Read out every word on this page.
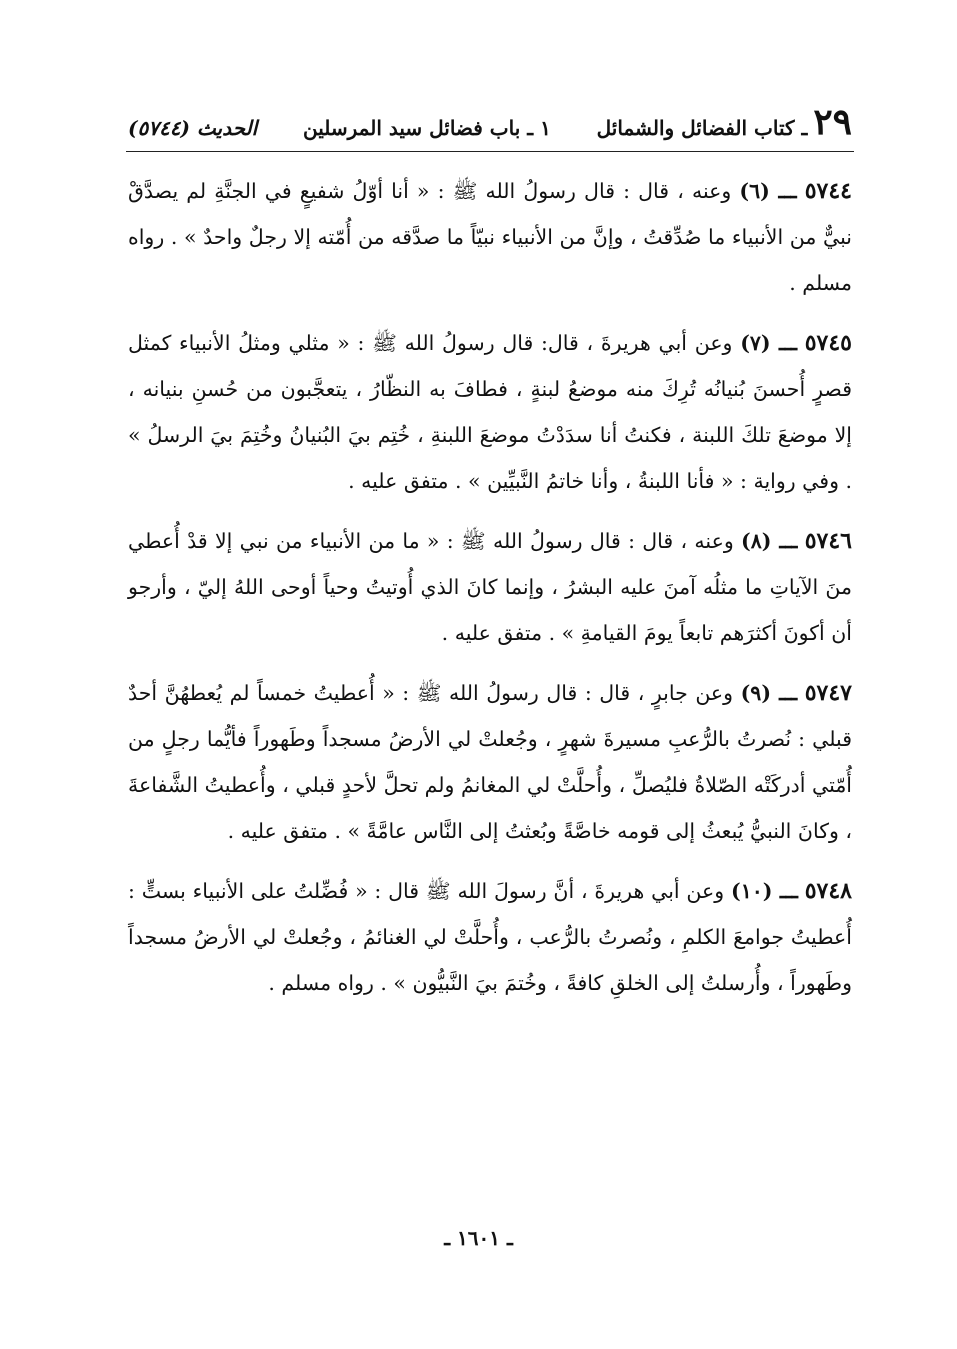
٢٩
ـ كتاب الفضائل والشمائل
١ ـ باب فضائل سيد المرسلين
الحديث (٥٧٤٤)

٥٧٤٤ ـــ (٦) وعنه ، قال : قال رسولُ الله ﷺ : « أنا أوّلُ شفيعٍ في الجنَّةِ لم يصدَّقْ نبيٌّ من الأنبياء ما صُدِّقتُ ، وإنَّ من الأنبياء نبيّاً ما صدَّقه من أُمّته إلا رجلٌ واحدٌ » . رواه مسلم .

٥٧٤٥ ـــ (٧) وعن أبي هريرةَ ، قال: قال رسولُ الله ﷺ : « مثلي ومثلُ الأنبياء كمثل قصرٍ أُحسنَ بُنيانُه تُرِكَ منه موضعُ لبنةٍ ، فطافَ به النظّارُ ، يتعجَّبون من حُسنِ بنيانه ، إلا موضعَ تلكَ اللبنة ، فكنتُ أنا سدَدْتُ موضعَ اللبنةِ ، خُتِم بيَ البُنيانُ وخُتِمَ بيَ الرسلُ » . وفي رواية : « فأنا اللبنةُ ، وأنا خاتمُ النَّبيِّين » . متفق عليه .

٥٧٤٦ ـــ (٨) وعنه ، قال : قال رسولُ الله ﷺ : « ما من الأنبياء من نبي إلا قدْ أُعطي منَ الآياتِ ما مثلُه آمنَ عليه البشرُ ، وإنما كانَ الذي أُوتيتُ وحياً أوحى اللهُ إليّ ، وأرجو أن أكونَ أكثرَهم تابعاً يومَ القيامةِ » . متفق عليه .

٥٧٤٧ ـــ (٩) وعن جابرٍ ، قال : قال رسولُ الله ﷺ : « أُعطيتُ خمساً لم يُعطهُنَّ أحدٌ قبلي : نُصرتُ بالرُّعبِ مسيرةَ شهرٍ ، وجُعلتْ لي الأرضُ مسجداً وطَهوراً فأيُّما رجلٍ من أُمّتي أدركَتْه الصّلاةُ فليُصلِّ ، وأُحلَّتْ لي المغانمُ ولم تحلَّ لأحدٍ قبلي ، وأُعطيتُ الشَّفاعةَ ، وكانَ النبيُّ يُبعثُ إلى قومه خاصَّةً وبُعثتُ إلى النَّاس عامَّةً » . متفق عليه .

٥٧٤٨ ـــ (١٠) وعن أبي هريرةَ ، أنَّ رسولَ الله ﷺ قال : « فُضِّلتُ على الأنبياء بستٍّ : أُعطيتُ جوامعَ الكلمِ ، ونُصرتُ بالرُّعب ، وأُحلَّتْ لي الغنائمُ ، وجُعلتْ لي الأرضُ مسجداً وطَهوراً ، وأُرسلتُ إلى الخلقِ كافةً ، وخُتمَ بيَ النَّبيُّون » . رواه مسلم .

ـ ١٦٠١ ـ
